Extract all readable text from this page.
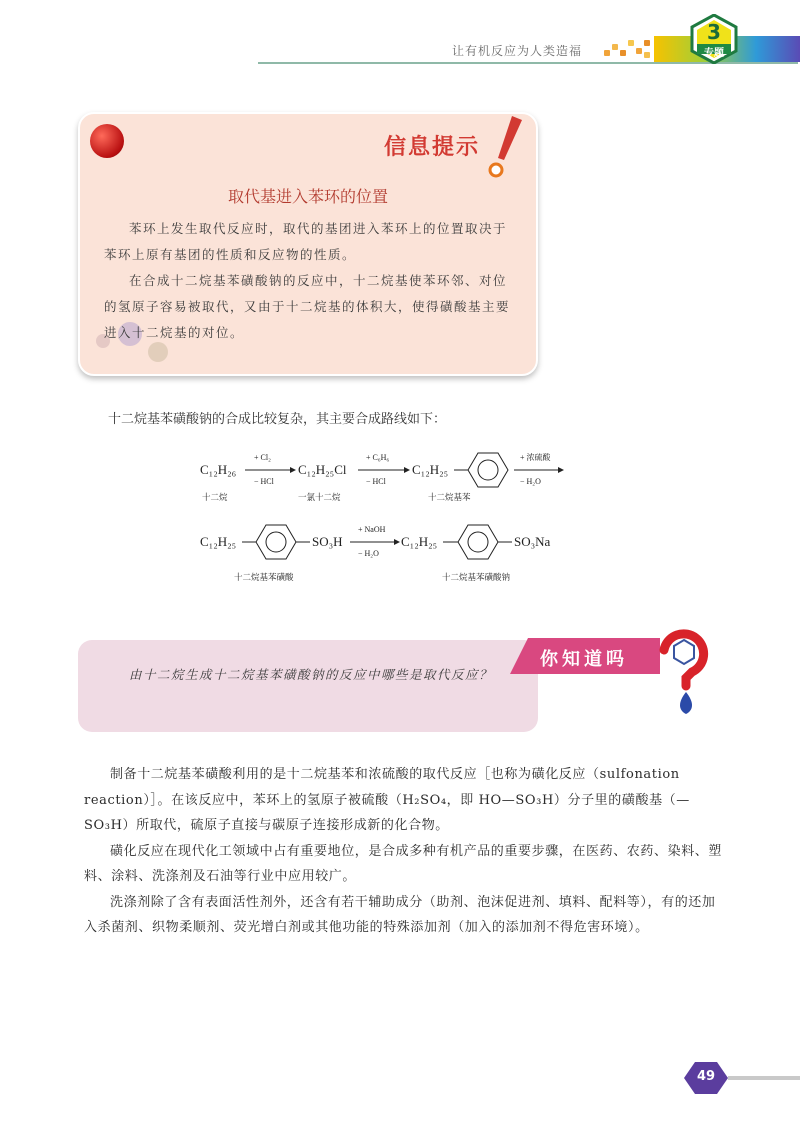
让有机反应为人类造福
3
专题
信息提示
取代基进入苯环的位置

苯环上发生取代反应时，取代的基团进入苯环上的位置取决于苯环上原有基团的性质和反应物的性质。

在合成十二烷基苯磺酸钠的反应中，十二烷基使苯环邻、对位的氢原子容易被取代，又由于十二烷基的体积大，使得磺酸基主要进入十二烷基的对位。

十二烷基苯磺酸钠的合成比较复杂，其主要合成路线如下：
C₁₂H₂₆
+ Cl₂
− HCl
C₁₂H₂₅Cl
+ C₆H₆
− HCl
C₁₂H₂₅
+ 浓硫酸
− H₂O
十二烷	一氯十二烷	十二烷基苯
C₁₂H₂₅	SO₃H
+ NaOH
− H₂O
C₁₂H₂₅	SO₃Na
十二烷基苯磺酸	十二烷基苯磺酸钠
你知道吗

由十二烷生成十二烷基苯磺酸钠的反应中哪些是取代反应？

制备十二烷基苯磺酸利用的是十二烷基苯和浓硫酸的取代反应［也称为磺化反应（sulfonation reaction）］。在该反应中，苯环上的氢原子被硫酸（H₂SO₄，即 HO—SO₃H）分子里的磺酸基（—SO₃H）所取代，硫原子直接与碳原子连接形成新的化合物。

磺化反应在现代化工领域中占有重要地位，是合成多种有机产品的重要步骤，在医药、农药、染料、塑料、涂料、洗涤剂及石油等行业中应用较广。

洗涤剂除了含有表面活性剂外，还含有若干辅助成分（助剂、泡沫促进剂、填料、配料等），有的还加入杀菌剂、织物柔顺剂、荧光增白剂或其他功能的特殊添加剂（加入的添加剂不得危害环境）。

49
